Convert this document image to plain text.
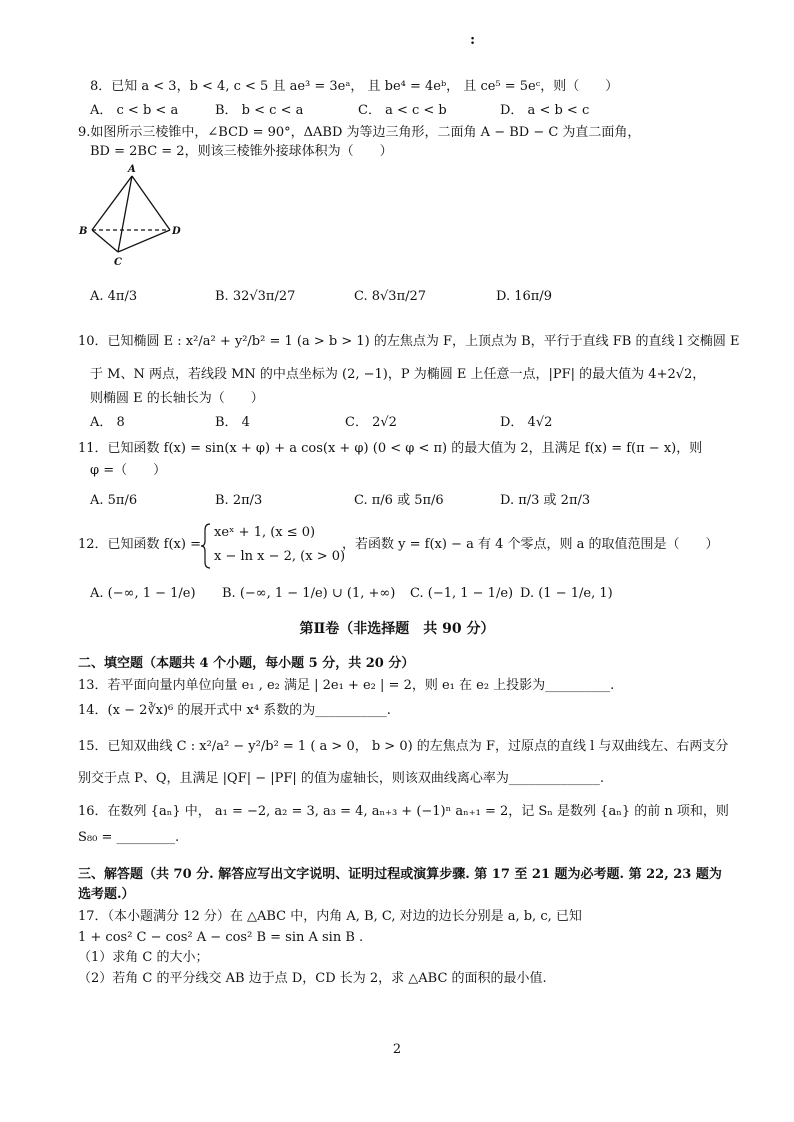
:
8．已知 a < 3，b < 4, c < 5 且 ae³ = 3eᵃ， 且 be⁴ = 4eᵇ， 且 ce⁵ = 5eᶜ，则（　　）
A． c < b < a	B． b < c < a	C． a < c < b	D． a < b < c
9.如图所示三棱锥中，∠BCD = 90°，ΔABD 为等边三角形，二面角 A − BD − C 为直二面角，
BD = 2BC = 2，则该三棱锥外接球体积为（　　）
A
B	D
C
A. 4π/3	B. 32√3π/27	C. 8√3π/27	D. 16π/9
10．已知椭圆 E : x²/a² + y²/b² = 1 (a > b > 1) 的左焦点为 F，上顶点为 B，平行于直线 FB 的直线 l 交椭圆 E
于 M、N 两点，若线段 MN 的中点坐标为 (2, −1)，P 为椭圆 E 上任意一点，|PF| 的最大值为 4+2√2，
则椭圆 E 的长轴长为（　　）
A． 8	B． 4	C． 2√2	D． 4√2
11．已知函数 f(x) = sin(x + φ) + a cos(x + φ) (0 < φ < π) 的最大值为 2，且满足 f(x) = f(π − x)，则
φ =（　　）
A. 5π/6	B. 2π/3	C. π/6 或 5π/6	D. π/3 或 2π/3
12．已知函数 f(x) =
xeˣ + 1, (x ≤ 0)
x − ln x − 2, (x > 0)
，若函数 y = f(x) − a 有 4 个零点，则 a 的取值范围是（　　）
A. (−∞, 1 − 1/e) B. (−∞, 1 − 1/e) ∪ (1, +∞) C. (−1, 1 − 1/e) D. (1 − 1/e, 1)
第Ⅱ卷（非选择题　共 90 分）
二、填空题（本题共 4 个小题，每小题 5 分，共 20 分）
13．若平面向量内单位向量 e₁ , e₂ 满足 | 2e₁ + e₂ | = 2，则 e₁ 在 e₂ 上投影为__________.
14．(x − 2∛x)⁶ 的展开式中 x⁴ 系数的为___________.
15．已知双曲线 C : x²/a² − y²/b² = 1 ( a > 0， b > 0) 的左焦点为 F，过原点的直线 l 与双曲线左、右两支分
别交于点 P、Q，且满足 |QF| − |PF| 的值为虚轴长，则该双曲线离心率为______________.
16．在数列 {aₙ} 中， a₁ = −2, a₂ = 3, a₃ = 4, aₙ₊₃ + (−1)ⁿ aₙ₊₁ = 2，记 Sₙ 是数列 {aₙ} 的前 n 项和，则
S₈₀ = _________.
三、解答题（共 70 分. 解答应写出文字说明、证明过程或演算步骤. 第 17 至 21 题为必考题. 第 22, 23 题为
选考题.）
17．（本小题满分 12 分）在 △ABC 中，内角 A, B, C, 对边的边长分别是 a, b, c, 已知
1 + cos² C − cos² A − cos² B = sin A sin B .
（1）求角 C 的大小；
（2）若角 C 的平分线交 AB 边于点 D，CD 长为 2，求 △ABC 的面积的最小值.
2
